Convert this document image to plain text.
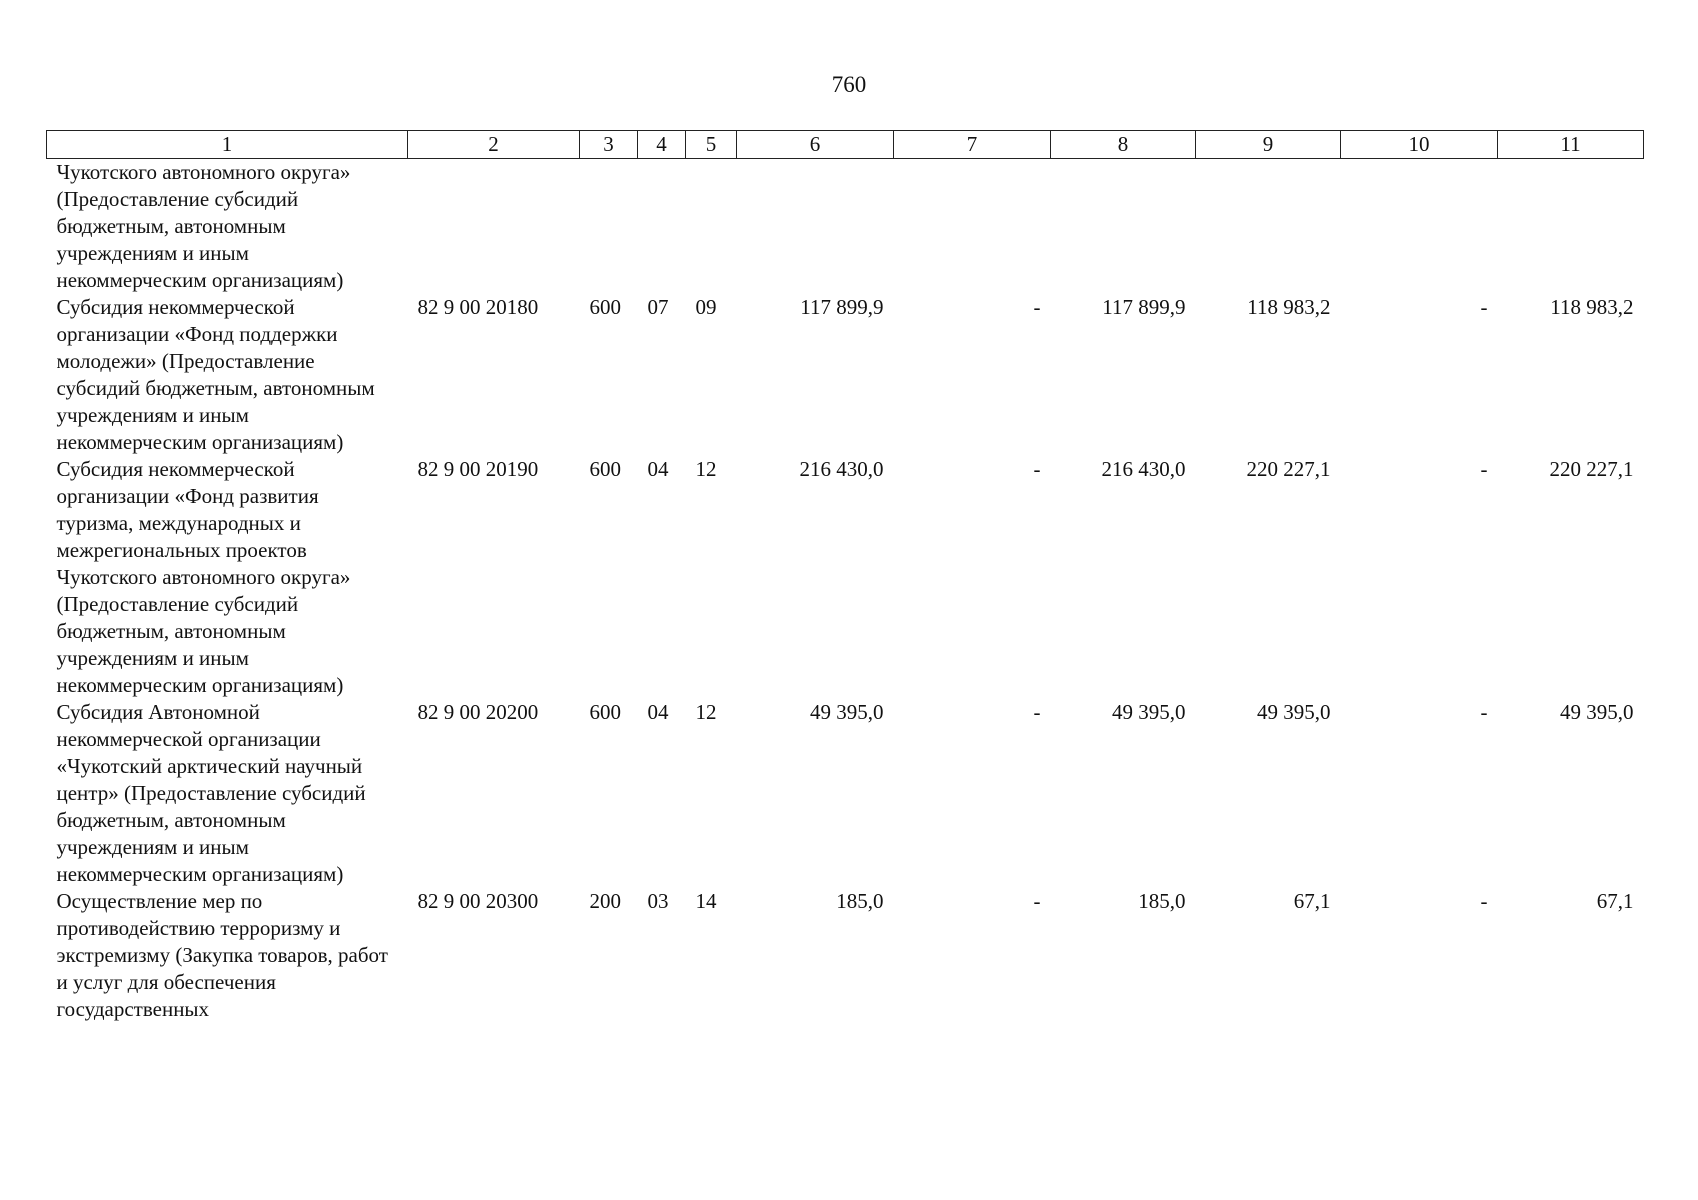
760
1	2	3	4	5	6	7	8	9	10	11
Чукотского автономного округа» (Предоставление субсидий бюджетным, автономным учреждениям и иным некоммерческим организациям)										
Субсидия некоммерческой организации «Фонд поддержки молодежи» (Предоставление субсидий бюджетным, автономным учреждениям и иным некоммерческим организациям)	82 9 00 20180	600	07	09	117 899,9	-	117 899,9	118 983,2	-	118 983,2
Субсидия некоммерческой организации «Фонд развития туризма, международных и межрегиональных проектов Чукотского автономного округа» (Предоставление субсидий бюджетным, автономным учреждениям и иным некоммерческим организациям)	82 9 00 20190	600	04	12	216 430,0	-	216 430,0	220 227,1	-	220 227,1
Субсидия Автономной некоммерческой организации «Чукотский арктический научный центр» (Предоставление субсидий бюджетным, автономным учреждениям и иным некоммерческим организациям)	82 9 00 20200	600	04	12	49 395,0	-	49 395,0	49 395,0	-	49 395,0
Осуществление мер по противодействию терроризму и экстремизму (Закупка товаров, работ и услуг для обеспечения государственных	82 9 00 20300	200	03	14	185,0	-	185,0	67,1	-	67,1
